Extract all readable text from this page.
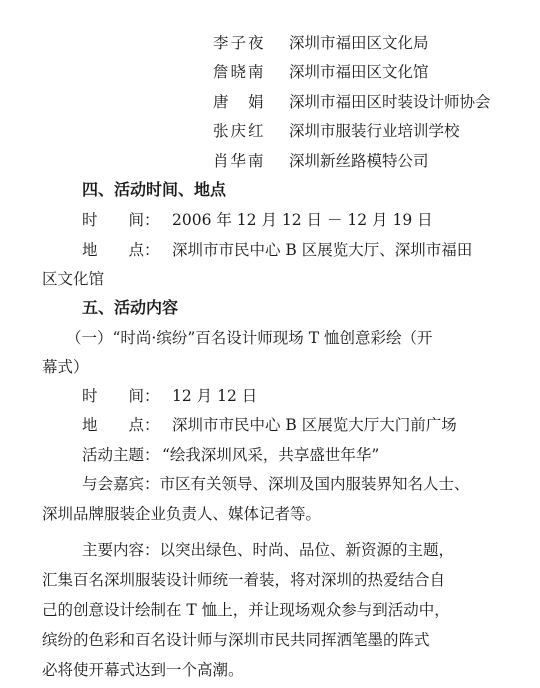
李子夜 深圳市福田区文化局
詹晓南 深圳市福田区文化馆
唐　娟 深圳市福田区时装设计师协会
张庆红 深圳市服装行业培训学校
肖华南 深圳新丝路模特公司
四、活动时间、地点
时　　间： 2006 年 12 月 12 日 － 12 月 19 日
地　　点： 深圳市市民中心 B 区展览大厅、深圳市福田
区文化馆
五、活动内容
（一）“时尚·缤纷”百名设计师现场 T 恤创意彩绘（开
幕式）
时　　间： 12 月 12 日
地　　点： 深圳市市民中心 B 区展览大厅大门前广场
活动主题： “绘我深圳风采，共享盛世年华”
与会嘉宾：市区有关领导、深圳及国内服装界知名人士、
深圳品牌服装企业负责人、媒体记者等。
主要内容：以突出绿色、时尚、品位、新资源的主题，
汇集百名深圳服装设计师统一着装，将对深圳的热爱结合自
己的创意设计绘制在 T 恤上，并让现场观众参与到活动中，
缤纷的色彩和百名设计师与深圳市民共同挥洒笔墨的阵式
必将使开幕式达到一个高潮。
